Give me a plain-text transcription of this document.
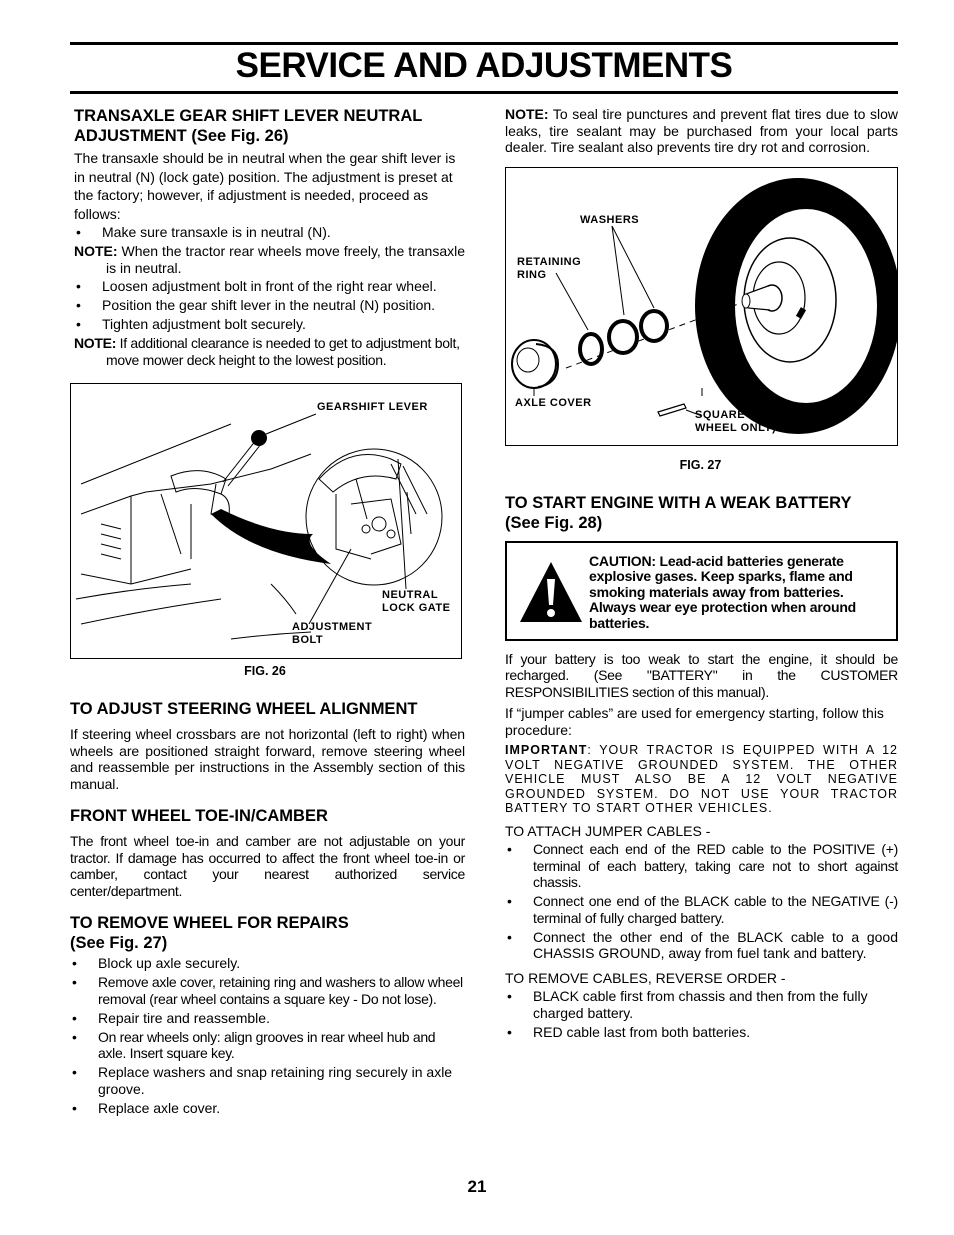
SERVICE AND ADJUSTMENTS
TRANSAXLE GEAR SHIFT LEVER NEUTRAL ADJUSTMENT (See Fig. 26)

The transaxle should be in neutral when the gear shift lever is in neutral (N) (lock gate) position. The adjustment is preset at the factory; however, if adjustment is needed, proceed as follows:

• Make sure transaxle is in neutral (N).
NOTE: When the tractor rear wheels move freely, the transaxle is in neutral.
• Loosen adjustment bolt in front of the right rear wheel.
• Position the gear shift lever in the neutral (N) position.
• Tighten adjustment bolt securely.
NOTE: If additional clearance is needed to get to adjustment bolt, move mower deck height to the lowest position.
GEARSHIFT LEVER
NEUTRAL
LOCK GATE
ADJUSTMENT
BOLT
FIG. 26
TO ADJUST STEERING WHEEL ALIGNMENT

If steering wheel crossbars are not horizontal (left to right) when wheels are positioned straight forward, remove steering wheel and reassemble per instructions in the Assembly section of this manual.

FRONT WHEEL TOE-IN/CAMBER

The front wheel toe-in and camber are not adjustable on your tractor. If damage has occurred to affect the front wheel toe-in or camber, contact your nearest authorized service center/department.

TO REMOVE WHEEL FOR REPAIRS
(See Fig. 27)
• Block up axle securely.
• Remove axle cover, retaining ring and washers to allow wheel removal (rear wheel contains a square key - Do not lose).
• Repair tire and reassemble.
• On rear wheels only: align grooves in rear wheel hub and axle. Insert square key.
• Replace washers and snap retaining ring securely in axle groove.
• Replace axle cover.

NOTE: To seal tire punctures and prevent flat tires due to slow leaks, tire sealant may be purchased from your local parts dealer. Tire sealant also prevents tire dry rot and corrosion.

WASHERS
RETAINING
RING
AXLE COVER
SQUARE KEY (REAR
WHEEL ONLY)
FIG. 27
TO START ENGINE WITH A WEAK BATTERY
(See Fig. 28)
CAUTION: Lead-acid batteries generate explosive gases. Keep sparks, flame and smoking materials away from batteries. Always wear eye protection when around batteries.

If your battery is too weak to start the engine, it should be recharged. (See "BATTERY" in the CUSTOMER RESPONSIBILITIES section of this manual).

If “jumper cables” are used for emergency starting, follow this procedure:

IMPORTANT: YOUR TRACTOR IS EQUIPPED WITH A 12 VOLT NEGATIVE GROUNDED SYSTEM. THE OTHER VEHICLE MUST ALSO BE A 12 VOLT NEGATIVE GROUNDED SYSTEM. DO NOT USE YOUR TRACTOR BATTERY TO START OTHER VEHICLES.

TO ATTACH JUMPER CABLES -

• Connect each end of the RED cable to the POSITIVE (+) terminal of each battery, taking care not to short against chassis.
• Connect one end of the BLACK cable to the NEGATIVE (-) terminal of fully charged battery.
• Connect the other end of the BLACK cable to a good CHASSIS GROUND, away from fuel tank and battery.

TO REMOVE CABLES, REVERSE ORDER -

• BLACK cable first from chassis and then from the fully charged battery.
• RED cable last from both batteries.
21
